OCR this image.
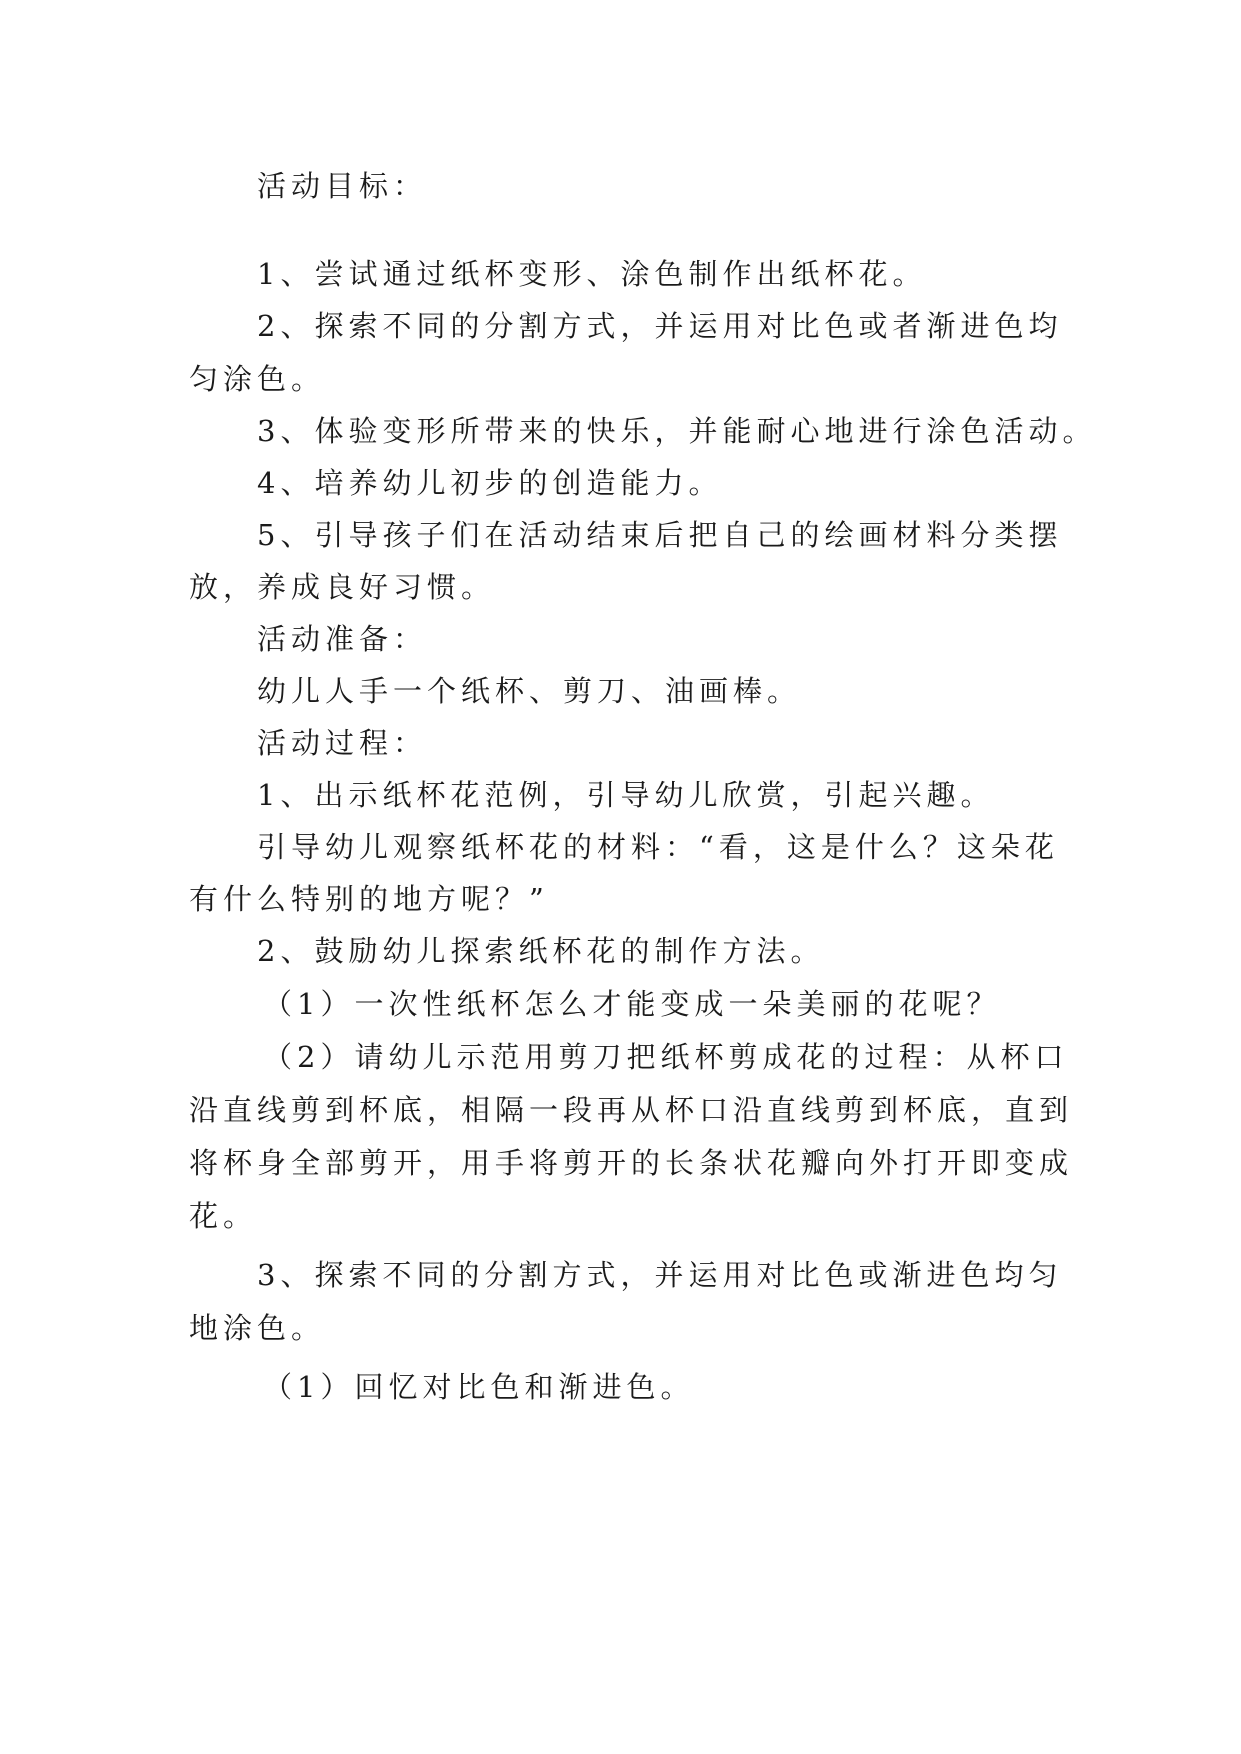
活动目标：
1、尝试通过纸杯变形、涂色制作出纸杯花。
2、探索不同的分割方式，并运用对比色或者渐进色均
匀涂色。
3、体验变形所带来的快乐，并能耐心地进行涂色活动。
4、培养幼儿初步的创造能力。
5、引导孩子们在活动结束后把自己的绘画材料分类摆
放，养成良好习惯。
活动准备：
幼儿人手一个纸杯、剪刀、油画棒。
活动过程：
1、出示纸杯花范例，引导幼儿欣赏，引起兴趣。
引导幼儿观察纸杯花的材料：“看，这是什么？这朵花
有什么特别的地方呢？”
2、鼓励幼儿探索纸杯花的制作方法。
（1）一次性纸杯怎么才能变成一朵美丽的花呢？
（2）请幼儿示范用剪刀把纸杯剪成花的过程：从杯口
沿直线剪到杯底，相隔一段再从杯口沿直线剪到杯底，直到
将杯身全部剪开，用手将剪开的长条状花瓣向外打开即变成
花。
3、探索不同的分割方式，并运用对比色或渐进色均匀
地涂色。
（1）回忆对比色和渐进色。
